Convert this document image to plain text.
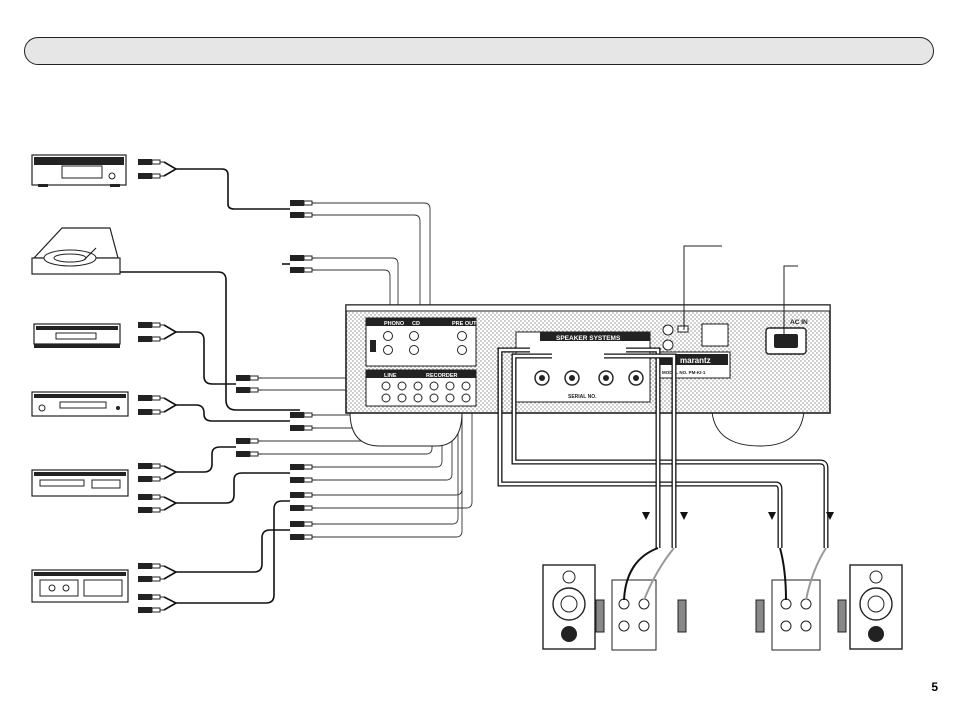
PHONO CD	PRE OUT
LINE	RECORDER
SPEAKER SYSTEMS
SERIAL NO.
marantz
MODEL NO. PM-KI-1
AC IN
5
